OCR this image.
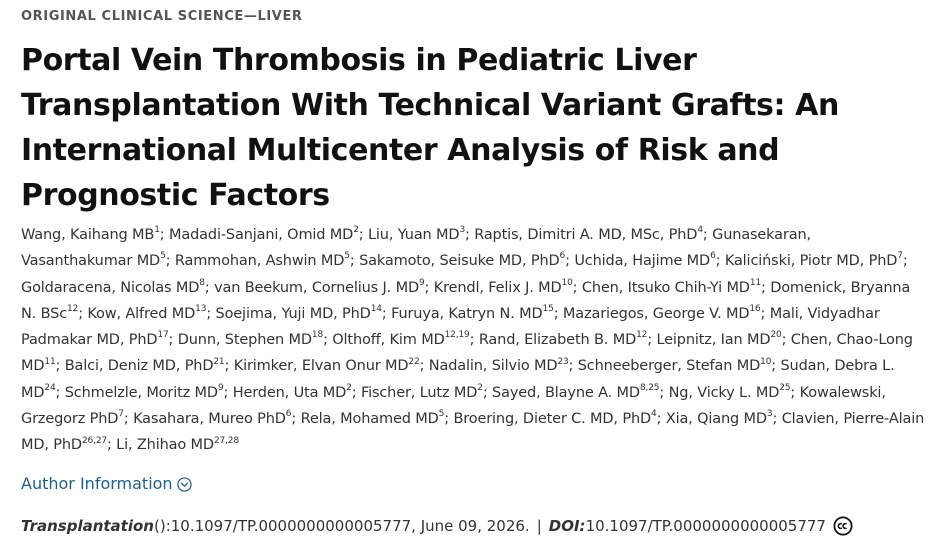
ORIGINAL CLINICAL SCIENCE—LIVER
Portal Vein Thrombosis in Pediatric Liver Transplantation With Technical Variant Grafts: An International Multicenter Analysis of Risk and Prognostic Factors
Wang, Kaihang $MB^1$; Madadi-Sanjani, Omid $MD^2$; Liu, Yuan $MD^3$; Raptis, Dimitri A. MD, MSc, PhD$^4$; Gunasekaran, Vasanthakumar $MD^5$; Rammohan, Ashwin $MD^5$; Sakamoto, Seisuke MD, PhD$^6$; Uchida, Hajime $MD^6$; Kaliciński, Piotr MD, PhD$^7$; Goldaracena, Nicolas $MD^8$; van Beekum, Cornelius J. $MD^9$; Krendl, Felix J. MD$^{10}$; Chen, Itsuko Chih-Yi MD$^{11}$; Domenick, Bryanna N. BSc$^{12}$; Kow, Alfred MD$^{13}$; Soejima, Yuji MD, PhD$^{14}$; Furuya, Katryn N. MD$^{15}$; Mazariegos, George V. MD$^{16}$; Mali, Vidyadhar Padmakar MD, PhD$^{17}$; Dunn, Stephen MD$^{18}$; Olthoff, Kim MD$^{12,19}$; Rand, Elizabeth B. MD$^{12}$; Leipnitz, Ian MD$^{20}$; Chen, Chao-Long MD$^{11}$; Balci, Deniz MD, PhD$^{21}$; Kirimker, Elvan Onur MD$^{22}$; Nadalin, Silvio MD$^{23}$; Schneeberger, Stefan MD$^{10}$; Sudan, Debra L. MD$^{24}$; Schmelzle, Moritz $MD^9$; Herden, Uta $MD^2$; Fischer, Lutz $MD^2$; Sayed, Blayne A. MD$^{8,25}$; Ng, Vicky L. MD$^{25}$; Kowalewski, Grzegorz PhD$^7$; Kasahara, Mureo PhD$^6$; Rela, Mohamed $MD^5$; Broering, Dieter C. MD, PhD$^4$; Xia, Qiang $MD^3$; Clavien, Pierre-Alain MD, PhD$^{26,27}$; Li, Zhihao MD$^{27,28}$
Author Information
Transplantation ():10.1097/TP.0000000000005777, June 09, 2026. | DOI: 10.1097/TP.0000000000005777
